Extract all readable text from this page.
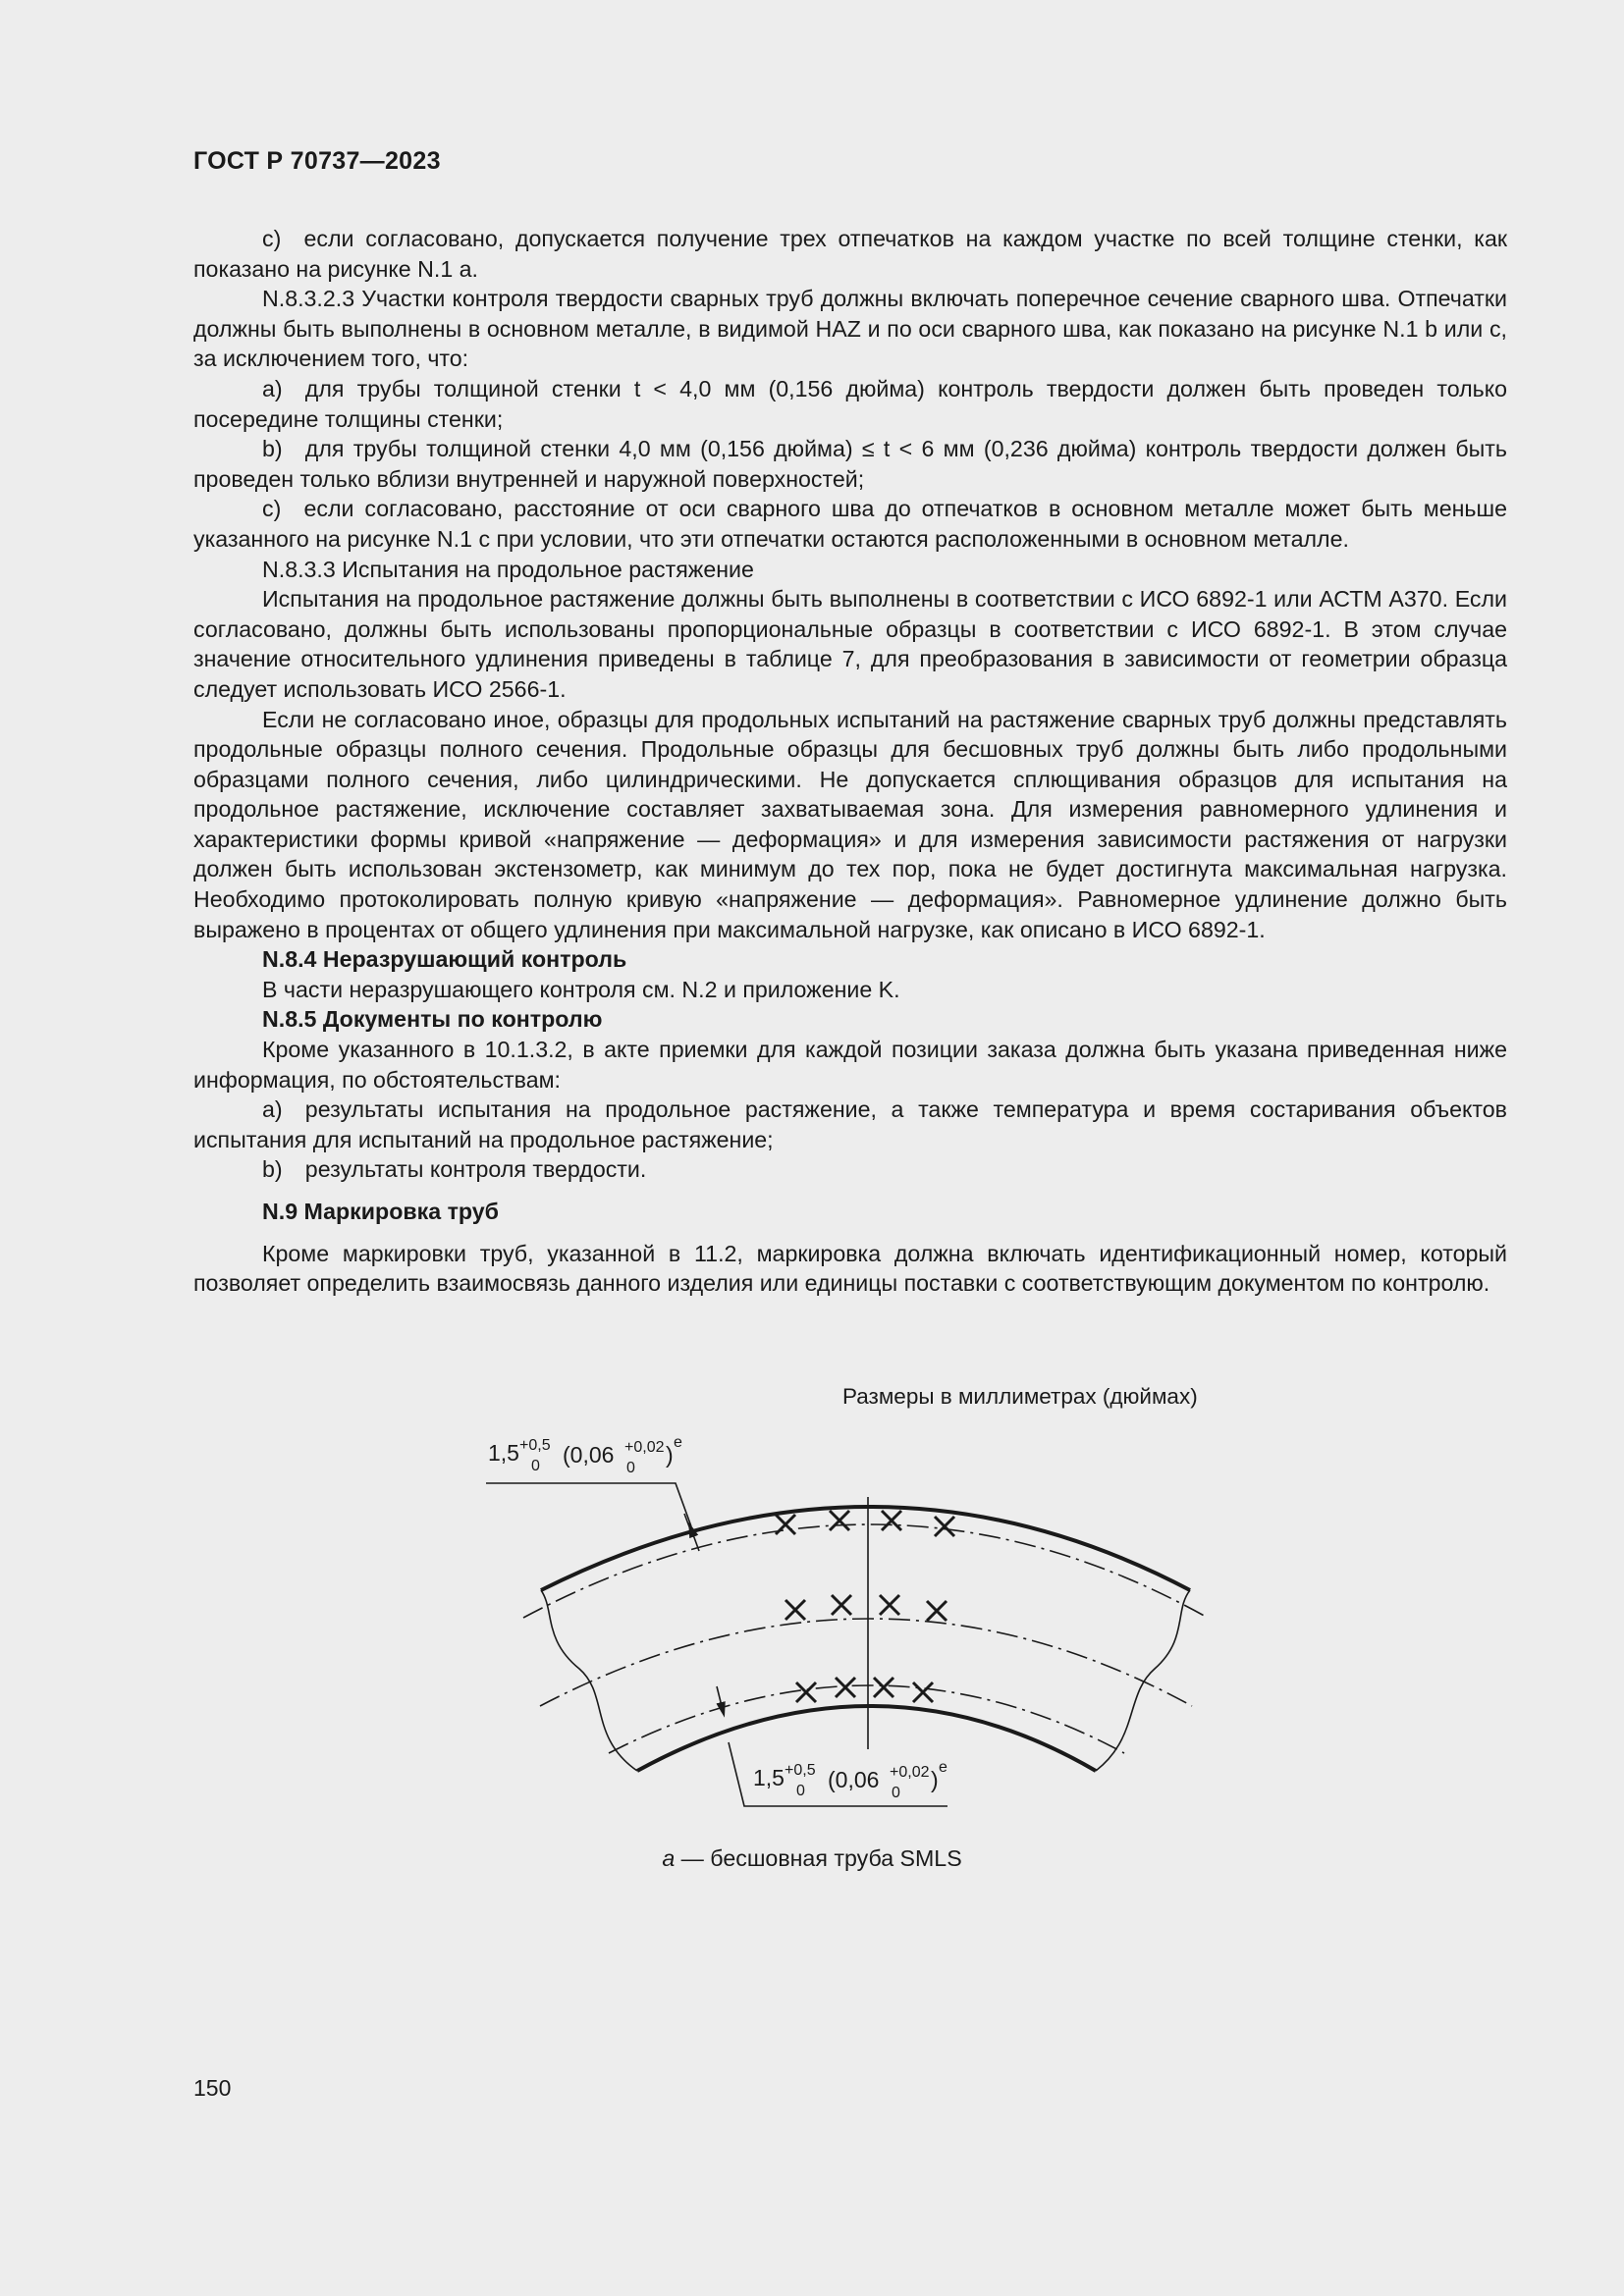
ГОСТ Р 70737—2023

c) если согласовано, допускается получение трех отпечатков на каждом участке по всей толщине стенки, как показано на рисунке N.1 a.

N.8.3.2.3 Участки контроля твердости сварных труб должны включать поперечное сечение сварного шва. Отпечатки должны быть выполнены в основном металле, в видимой HAZ и по оси сварного шва, как показано на рисунке N.1 b или c, за исключением того, что:

a) для трубы толщиной стенки t < 4,0 мм (0,156 дюйма) контроль твердости должен быть проведен только посередине толщины стенки;

b) для трубы толщиной стенки 4,0 мм (0,156 дюйма) ≤ t < 6 мм (0,236 дюйма) контроль твердости должен быть проведен только вблизи внутренней и наружной поверхностей;

c) если согласовано, расстояние от оси сварного шва до отпечатков в основном металле может быть меньше указанного на рисунке N.1 c при условии, что эти отпечатки остаются расположенными в основном металле.

N.8.3.3 Испытания на продольное растяжение

Испытания на продольное растяжение должны быть выполнены в соответствии с ИСО 6892-1 или АСТМ A370. Если согласовано, должны быть использованы пропорциональные образцы в соответствии с ИСО 6892-1. В этом случае значение относительного удлинения приведены в таблице 7, для преобразования в зависимости от геометрии образца следует использовать ИСО 2566-1.

Если не согласовано иное, образцы для продольных испытаний на растяжение сварных труб должны представлять продольные образцы полного сечения. Продольные образцы для бесшовных труб должны быть либо продольными образцами полного сечения, либо цилиндрическими. Не допускается сплющивания образцов для испытания на продольное растяжение, исключение составляет захватываемая зона. Для измерения равномерного удлинения и характеристики формы кривой «напряжение — деформация» и для измерения зависимости растяжения от нагрузки должен быть использован экстензометр, как минимум до тех пор, пока не будет достигнута максимальная нагрузка. Необходимо протоколировать полную кривую «напряжение — деформация». Равномерное удлинение должно быть выражено в процентах от общего удлинения при максимальной нагрузке, как описано в ИСО 6892-1.

N.8.4 Неразрушающий контроль

В части неразрушающего контроля см. N.2 и приложение K.

N.8.5 Документы по контролю

Кроме указанного в 10.1.3.2, в акте приемки для каждой позиции заказа должна быть указана приведенная ниже информация, по обстоятельствам:

a) результаты испытания на продольное растяжение, а также температура и время состаривания объектов испытания для испытаний на продольное растяжение;

b) результаты контроля твердости.

N.9 Маркировка труб

Кроме маркировки труб, указанной в 11.2, маркировка должна включать идентификационный номер, который позволяет определить взаимосвязь данного изделия или единицы поставки с соответствующим документом по контролю.

Размеры в миллиметрах (дюймах)
1,5 +0,5
0 (0,06 +0,02
0
) e
1,5 +0,5
0 (0,06 +0,02
0
) e
a — бесшовная труба SMLS
150
